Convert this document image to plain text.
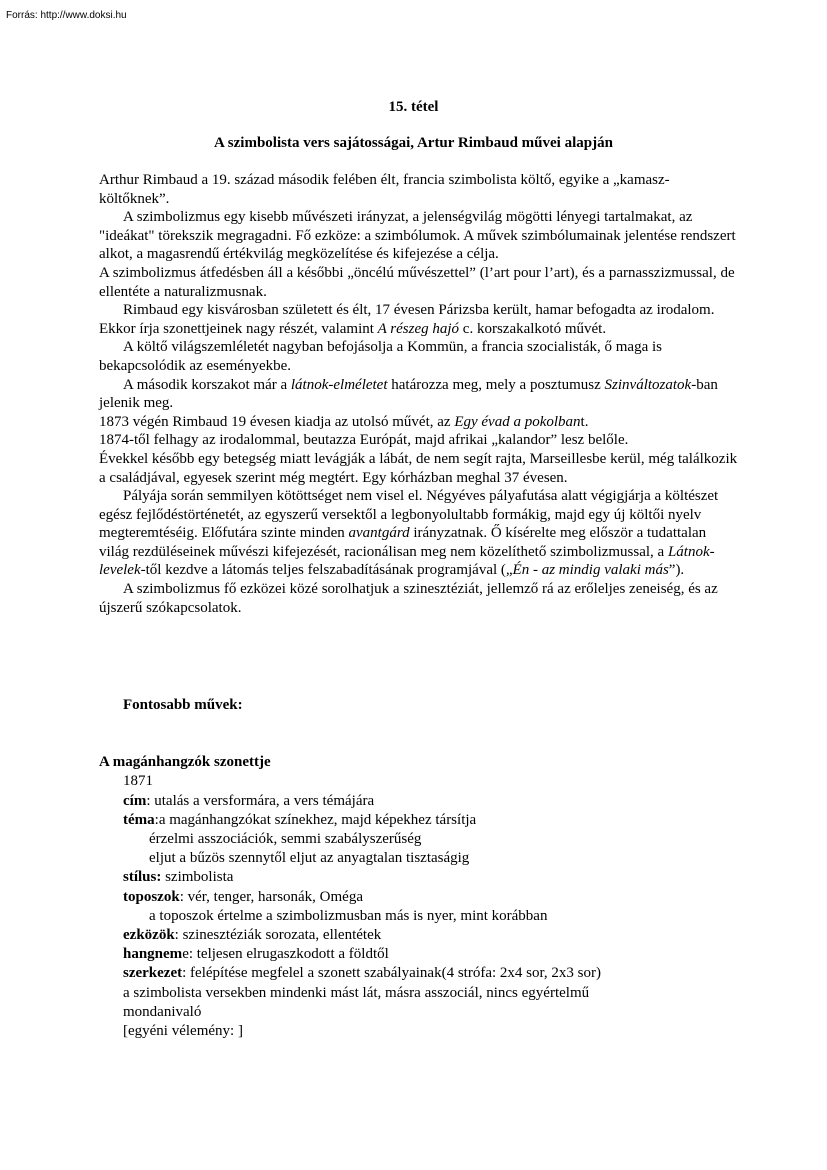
Forrás: http://www.doksi.hu
15. tétel
A szimbolista vers sajátosságai, Artur Rimbaud művei alapján

Arthur Rimbaud a 19. század második felében élt, francia szimbolista költő, egyike a „kamasz-költőknek”.

A szimbolizmus egy kisebb művészeti irányzat, a jelenségvilág mögötti lényegi tartalmakat, az "ideákat" törekszik megragadni. Fő ezköze: a szimbólumok. A művek szimbólumainak jelentése rendszert alkot, a magasrendű értékvilág megközelítése és kifejezése a célja.

A szimbolizmus átfedésben áll a későbbi „öncélú művészettel” (l’art pour l’art), és a parnasszizmussal, de ellentéte a naturalizmusnak.

Rimbaud egy kisvárosban született és élt, 17 évesen Párizsba került, hamar befogadta az irodalom. Ekkor írja szonettjeinek nagy részét, valamint A részeg hajó c. korszakalkotó művét.

A költő világszemléletét nagyban befojásolja a Kommün, a francia szocialisták, ő maga is bekapcsolódik az eseményekbe.

A második korszakot már a látnok-elméletet határozza meg, mely a posztumusz Szinváltozatok-ban jelenik meg.

1873 végén Rimbaud 19 évesen kiadja az utolsó művét, az Egy évad a pokolbant.

1874-től felhagy az irodalommal, beutazza Európát, majd afrikai „kalandor” lesz belőle.

Évekkel később egy betegség miatt levágják a lábát, de nem segít rajta, Marseillesbe kerül, még találkozik a családjával, egyesek szerint még megtért. Egy kórházban meghal 37 évesen.

Pályája során semmilyen kötöttséget nem visel el. Négyéves pályafutása alatt végigjárja a költészet egész fejlődéstörténetét, az egyszerű versektől a legbonyolultabb formákig, majd egy új költői nyelv megteremtéséig. Előfutára szinte minden avantgárd irányzatnak. Ő kísérelte meg először a tudattalan világ rezdüléseinek művészi kifejezését, racionálisan meg nem közelíthető szimbolizmussal, a Látnok-levelek-től kezdve a látomás teljes felszabadításának programjával („Én - az mindig valaki más”).

A szimbolizmus fő ezközei közé sorolhatjuk a szinesztéziát, jellemző rá az erőleljes zeneiség, és az újszerű szókapcsolatok.

Fontosabb művek:
A magánhangzók szonettje
1871
cím: utalás a versformára, a vers témájára
téma:a magánhangzókat színekhez, majd képekhez társítja
érzelmi asszociációk, semmi szabályszerűség
eljut a bűzös szennytől eljut az anyagtalan tisztaságig
stílus: szimbolista
toposzok: vér, tenger, harsonák, Oméga
a toposzok értelme a szimbolizmusban más is nyer, mint korábban
ezközök: szinesztéziák sorozata, ellentétek
hangneme: teljesen elrugaszkodott a földtől
szerkezet: felépítése megfelel a szonett szabályainak(4 strófa: 2x4 sor, 2x3 sor)
a szimbolista versekben mindenki mást lát, másra asszociál, nincs egyértelmű
mondanivaló
[egyéni vélemény: ]
